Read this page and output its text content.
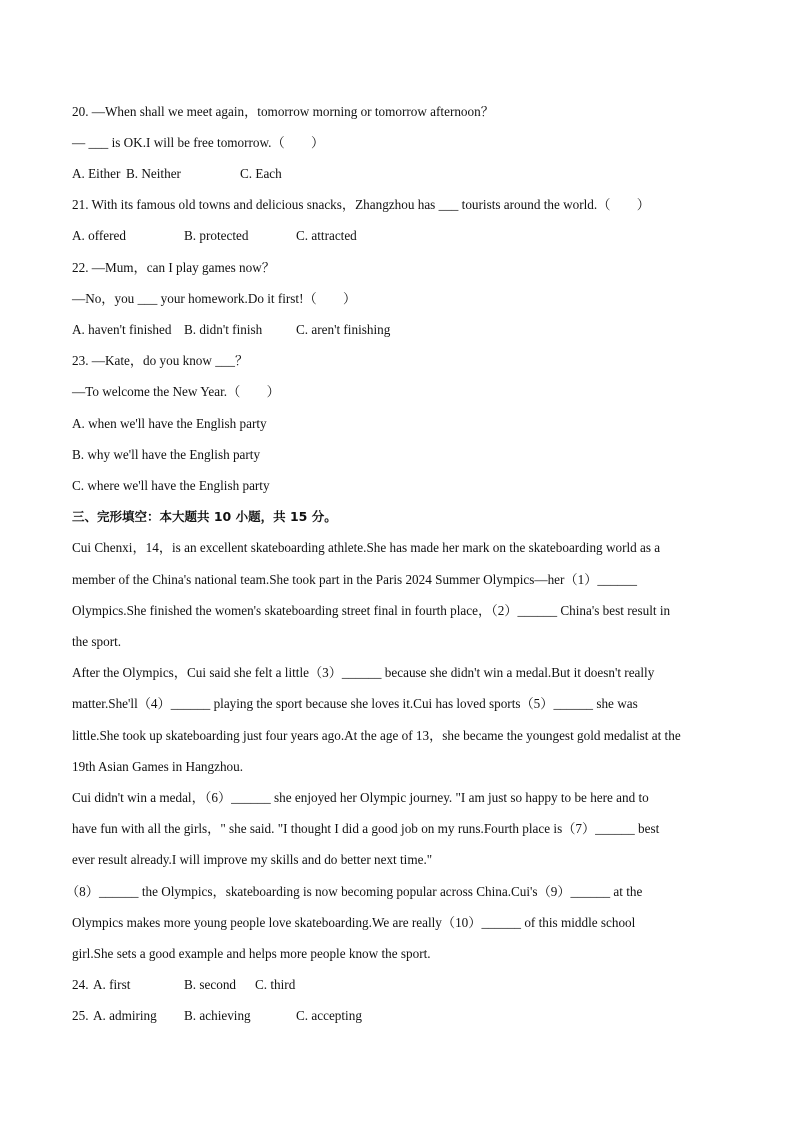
20. —When shall we meet again，tomorrow morning or tomorrow afternoon？
— ___ is OK.I will be free tomorrow.（　　）
A. Either B. Neither	C. Each
21. With its famous old towns and delicious snacks，Zhangzhou has ___ tourists around the world.（　　）
A. offered	B. protected	C. attracted
22. —Mum，can I play games now？
—No，you ___ your homework.Do it first!（　　）
A. haven't finished B. didn't finish	C. aren't finishing
23. —Kate，do you know ___？
—To welcome the New Year.（　　）
A. when we'll have the English party
B. why we'll have the English party
C. where we'll have the English party
三、完形填空：本大题共 10 小题，共 15 分。
Cui Chenxi，14，is an excellent skateboarding athlete.She has made her mark on the skateboarding world as a
member of the China's national team.She took part in the Paris 2024 Summer Olympics—her（1）______
Olympics.She finished the women's skateboarding street final in fourth place，（2）______ China's best result in
the sport.
After the Olympics，Cui said she felt a little（3）______ because she didn't win a medal.But it doesn't really
matter.She'll（4）______ playing the sport because she loves it.Cui has loved sports（5）______ she was
little.She took up skateboarding just four years ago.At the age of 13，she became the youngest gold medalist at the
19th Asian Games in Hangzhou.
Cui didn't win a medal，（6）______ she enjoyed her Olympic journey. "I am just so happy to be here and to
have fun with all the girls，" she said. "I thought I did a good job on my runs.Fourth place is（7）______ best
ever result already.I will improve my skills and do better next time."
（8）______ the Olympics，skateboarding is now becoming popular across China.Cui's（9）______ at the
Olympics makes more young people love skateboarding.We are really（10）______ of this middle school
girl.She sets a good example and helps more people know the sport.
24. A. first	B. second C. third
25. A. admiring B. achieving	C. accepting
